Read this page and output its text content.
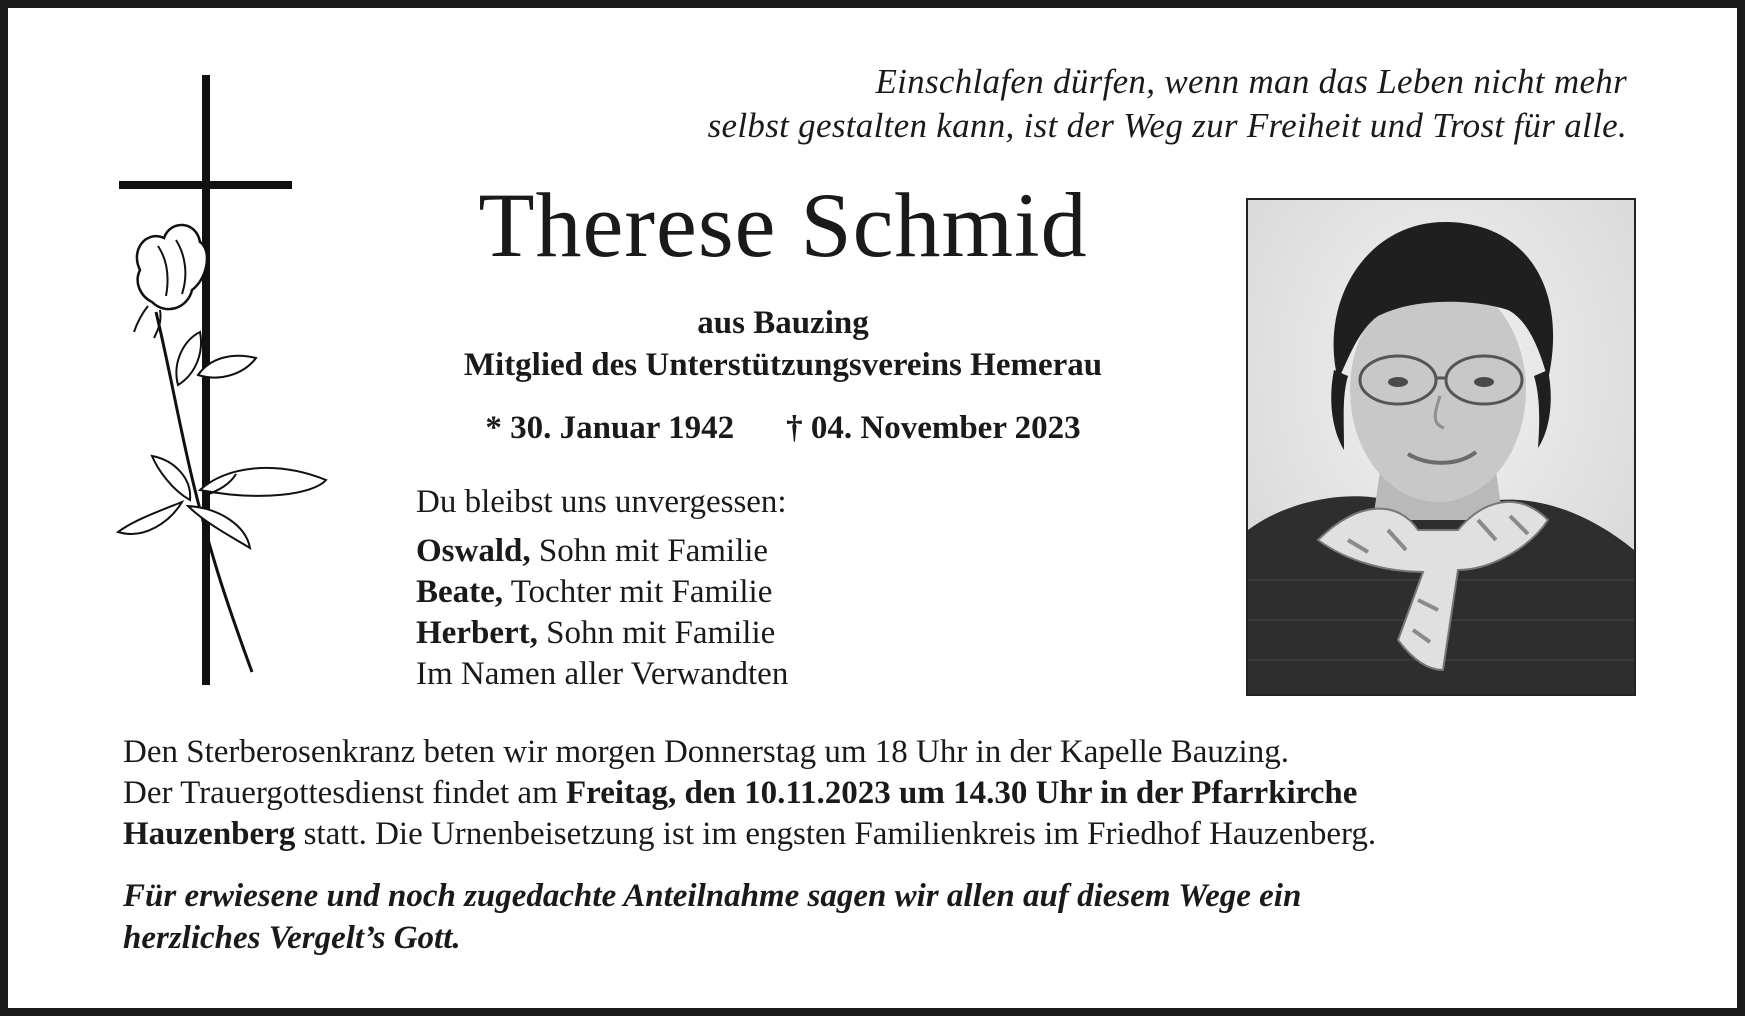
Einschlafen dürfen, wenn man das Leben nicht mehr
selbst gestalten kann, ist der Weg zur Freiheit und Trost für alle.
Therese Schmid
aus Bauzing
Mitglied des Unterstützungsvereins Hemerau
* 30. Januar 1942 † 04. November 2023
Du bleibst uns unvergessen:
Oswald, Sohn mit Familie
Beate, Tochter mit Familie
Herbert, Sohn mit Familie
Im Namen aller Verwandten
Den Sterberosenkranz beten wir morgen Donnerstag um 18 Uhr in der Kapelle Bauzing.
Der Trauergottesdienst findet am Freitag, den 10.11.2023 um 14.30 Uhr in der Pfarrkirche
Hauzenberg statt. Die Urnenbeisetzung ist im engsten Familienkreis im Friedhof Hauzenberg.
Für erwiesene und noch zugedachte Anteilnahme sagen wir allen auf diesem Wege ein
herzliches Vergelt’s Gott.
